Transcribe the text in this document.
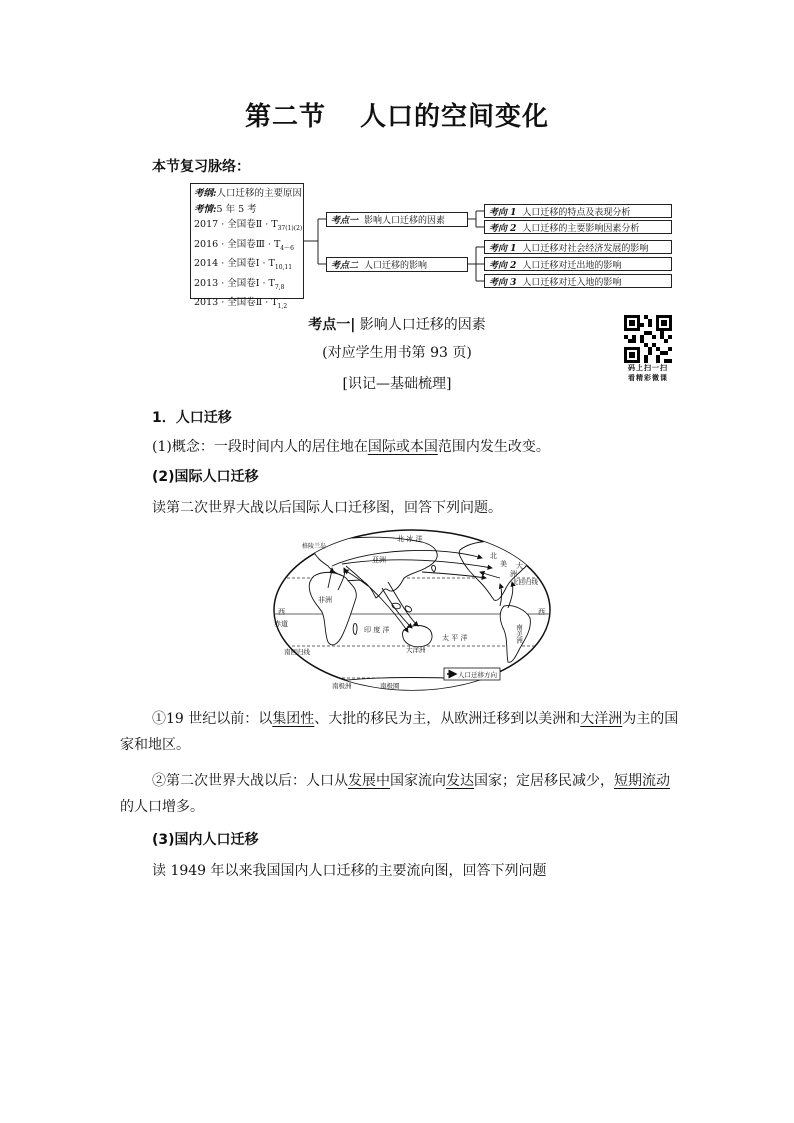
第二节 人口的空间变化
本节复习脉络：
考纲:人口迁移的主要原因
考情:5 年 5 考
2017 · 全国卷Ⅱ · $T_{37(1)(2)}$
2016 · 全国卷Ⅲ · $T_{4\sim 6}$
2014 · 全国卷Ⅰ · $T_{10,11}$
2013 · 全国卷Ⅰ · $T_{7,8}$
2013 · 全国卷Ⅱ · $T_{1,2}$
考点一 影响人口迁移的因素
考点二 人口迁移的影响
考向 1 人口迁移的特点及表现分析
考向 2 人口迁移的主要影响因素分析
考向 1 人口迁移对社会经济发展的影响
考向 2 人口迁移对迁出地的影响
考向 3 人口迁移对迁入地的影响
考点一| 影响人口迁移的因素
(对应学生用书第 93 页)
[识记—基础梳理]
码上扫一扫
看精彩微课
1．人口迁移
(1)概念：一段时间内人的居住地在国际或本国范围内发生改变。
(2)国际人口迁移
读第二次世界大战以后国际人口迁移图，回答下列问题。
北 冰 洋
格陵兰岛
亚洲	北
美 大
洲
北回归线
西	西
非洲
赤道
印 度 洋
太 平 洋	南美洲
大洋洲
南回归线
南极洲	南极圈
人口迁移方向
①19 世纪以前：以集团性、大批的移民为主，从欧洲迁移到以美洲和大洋洲为主的国家和地区。
②第二次世界大战以后：人口从发展中国家流向发达国家；定居移民减少，短期流动的人口增多。
(3)国内人口迁移
读 1949 年以来我国国内人口迁移的主要流向图，回答下列问题
